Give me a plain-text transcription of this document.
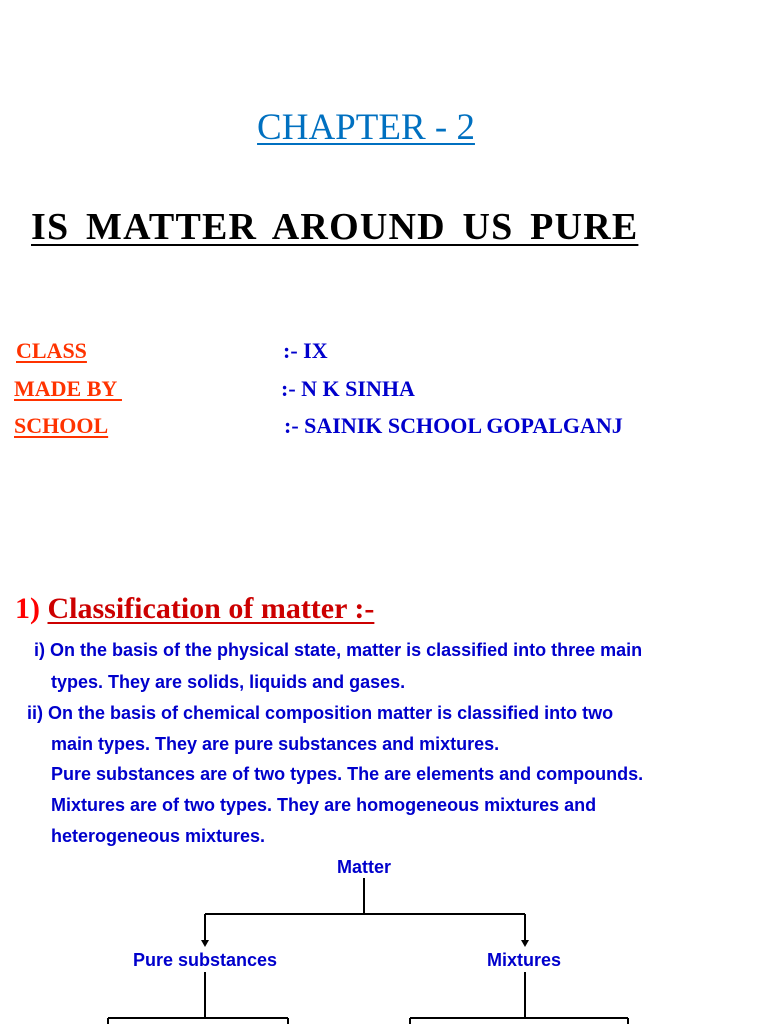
CHAPTER - 2
IS MATTER AROUND US PURE
CLASS	:- IX
MADE BY	:- N K SINHA
SCHOOL	:- SAINIK SCHOOL GOPALGANJ
1) Classification of matter :-
i) On the basis of the physical state, matter is classified into three main
types. They are solids, liquids and gases.
ii) On the basis of chemical composition matter is classified into two
main types. They are pure substances and mixtures.
Pure substances are of two types. The are elements and compounds.
Mixtures are of two types. They are homogeneous mixtures and
heterogeneous mixtures.
Matter
Pure substances	Mixtures
